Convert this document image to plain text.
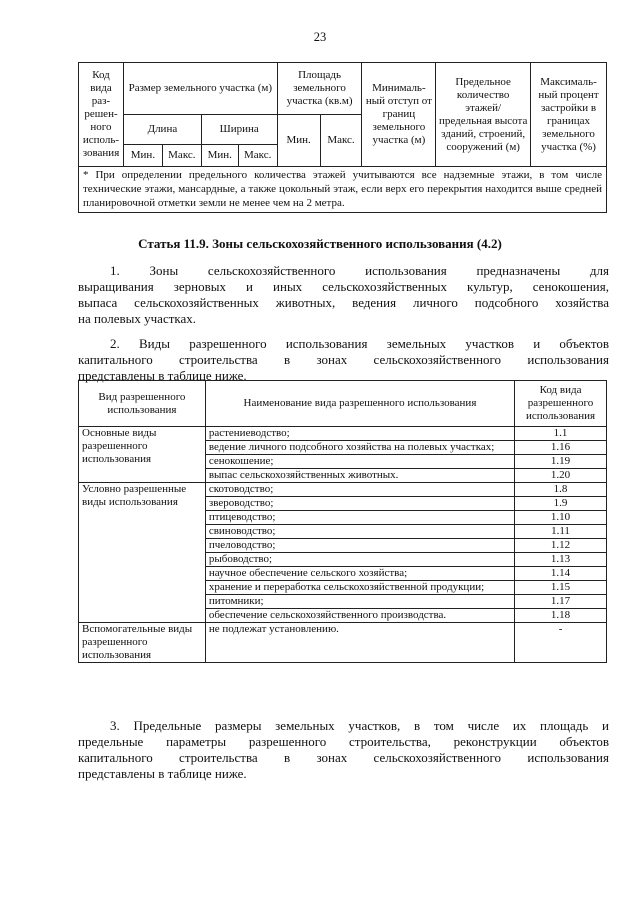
23
Код вида раз-решен-ного исполь-зования	Размер земельного участка (м)				Площадь земельного участка (кв.м)		Минималь-ный отступ от границ земельного участка (м)	Предельное количество этажей/ предельная высота зданий, строений, сооружений (м)	Максималь-ный процент застройки в границах земельного участка (%)
	Длина		Ширина		Мин.	Макс.			
	Мин.	Макс.	Мин.	Макс.					
* При определении предельного количества этажей учитываются все надземные этажи, в том числе технические этажи, мансардные, а также цокольный этаж, если верх его перекрытия находится выше средней планировочной отметки земли не менее чем на 2 метра.									
Статья 11.9. Зоны сельскохозяйственного использования (4.2)
1. Зоны сельскохозяйственного использования предназначены для
выращивания зерновых и иных сельскохозяйственных культур, сенокошения,
выпаса сельскохозяйственных животных, ведения личного подсобного хозяйства
на полевых участках.
2. Виды разрешенного использования земельных участков и объектов
капитального строительства в зонах сельскохозяйственного использования
представлены в таблице ниже.
Вид разрешенного использования	Наименование вида разрешенного использования	Код вида разрешенного использования
Основные виды разрешенного использования	растениеводство;	1.1
	ведение личного подсобного хозяйства на полевых участках;	1.16
	сенокошение;	1.19
	выпас сельскохозяйственных животных.	1.20
Условно разрешенные виды использования	скотоводство;	1.8
	звероводство;	1.9
	птицеводство;	1.10
	свиноводство;	1.11
	пчеловодство;	1.12
	рыбоводство;	1.13
	научное обеспечение сельского хозяйства;	1.14
	хранение и переработка сельскохозяйственной продукции;	1.15
	питомники;	1.17
	обеспечение сельскохозяйственного производства.	1.18
Вспомогательные виды разрешенного использования	не подлежат установлению.	-
3. Предельные размеры земельных участков, в том числе их площадь и
предельные параметры разрешенного строительства, реконструкции объектов
капитального строительства в зонах сельскохозяйственного использования
представлены в таблице ниже.
